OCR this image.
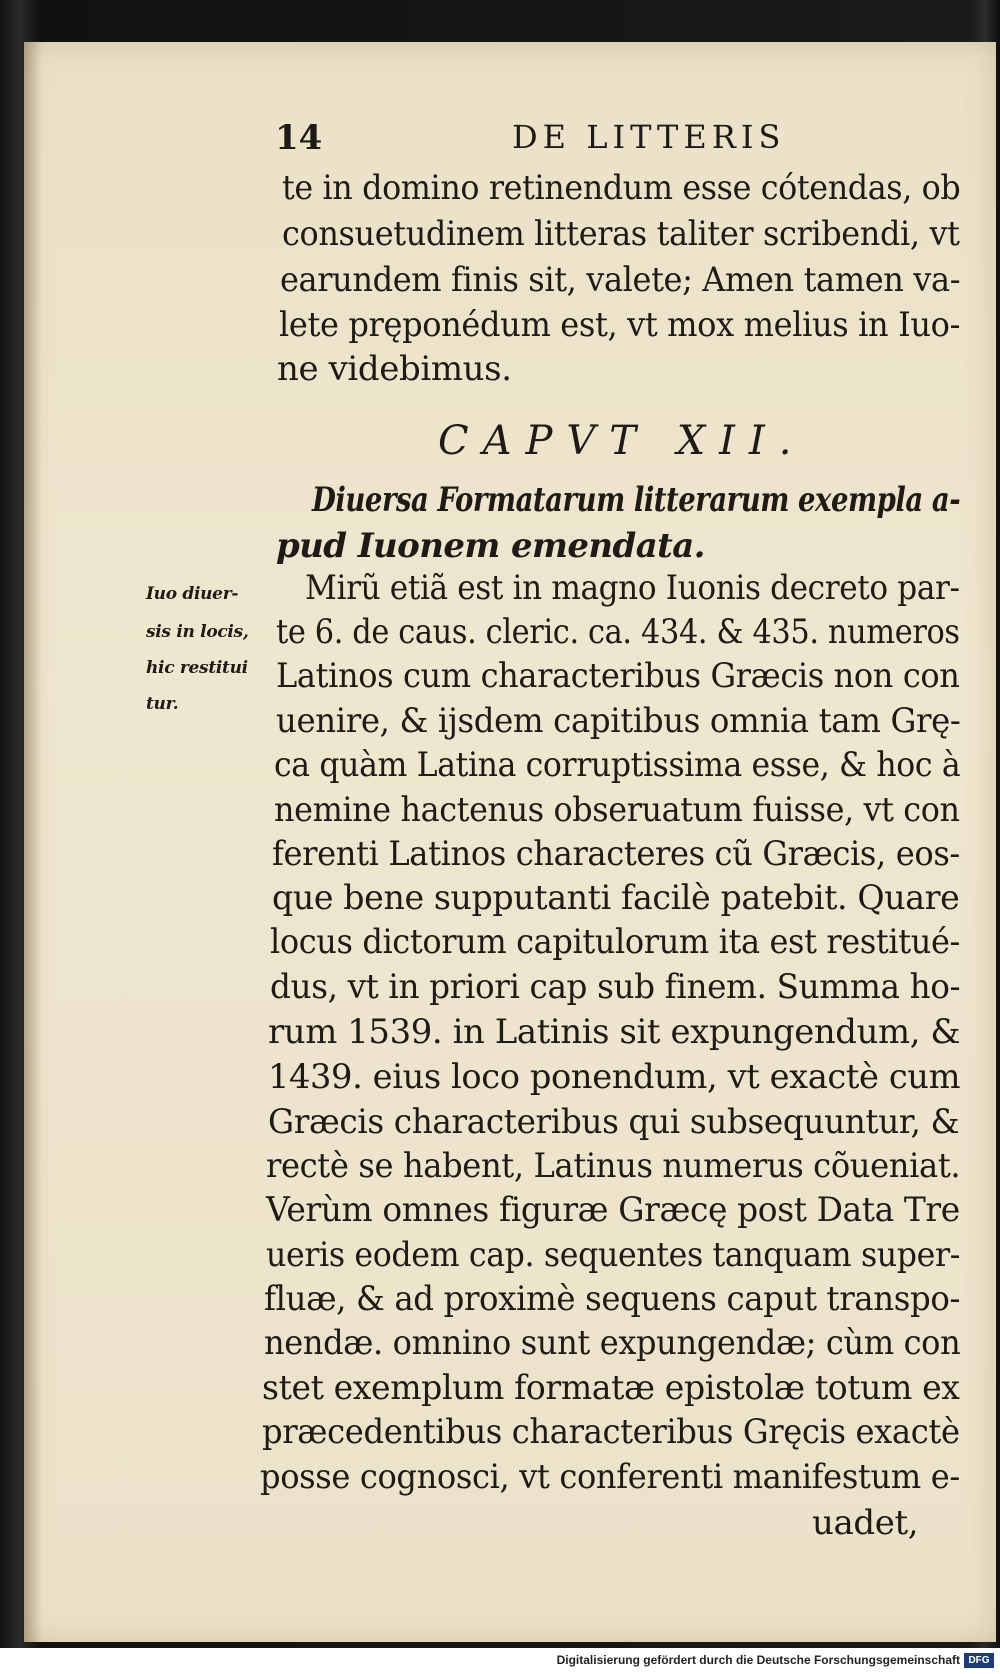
14	DE LITTERIS
te in domino retinendum esse cótendas, ob
consuetudinem litteras taliter scribendi, vt
earundem finis sit, valete; Amen tamen va-
lete pręponédum est, vt mox melius in Iuo-
ne videbimus.
CAPVT XII.
Diuersa Formatarum litterarum exempla a-
pud Iuonem emendata.
Iuo diuer-
sis in locis,
hic restitui
tur.
Mirũ etiã est in magno Iuonis decreto par-
te 6. de caus. cleric. ca. 434. & 435. numeros
Latinos cum characteribus Græcis non con
uenire, & ijsdem capitibus omnia tam Grę-
ca quàm Latina corruptissima esse, & hoc à
nemine hactenus obseruatum fuisse, vt con
ferenti Latinos characteres cũ Græcis, eos-
que bene supputanti facilè patebit. Quare
locus dictorum capitulorum ita est restitué-
dus, vt in priori cap sub finem. Summa ho-
rum 1539. in Latinis sit expungendum, &
1439. eius loco ponendum, vt exactè cum
Græcis characteribus qui subsequuntur, &
rectè se habent, Latinus numerus cõueniat.
Verùm omnes figuræ Græcę post Data Tre
ueris eodem cap. sequentes tanquam super-
fluæ, & ad proximè sequens caput transpo-
nendæ. omnino sunt expungendæ; cùm con
stet exemplum formatæ epistolæ totum ex
præcedentibus characteribus Gręcis exactè
posse cognosci, vt conferenti manifestum e-
uadet,
Digitalisierung gefördert durch die Deutsche Forschungsgemeinschaft DFG
